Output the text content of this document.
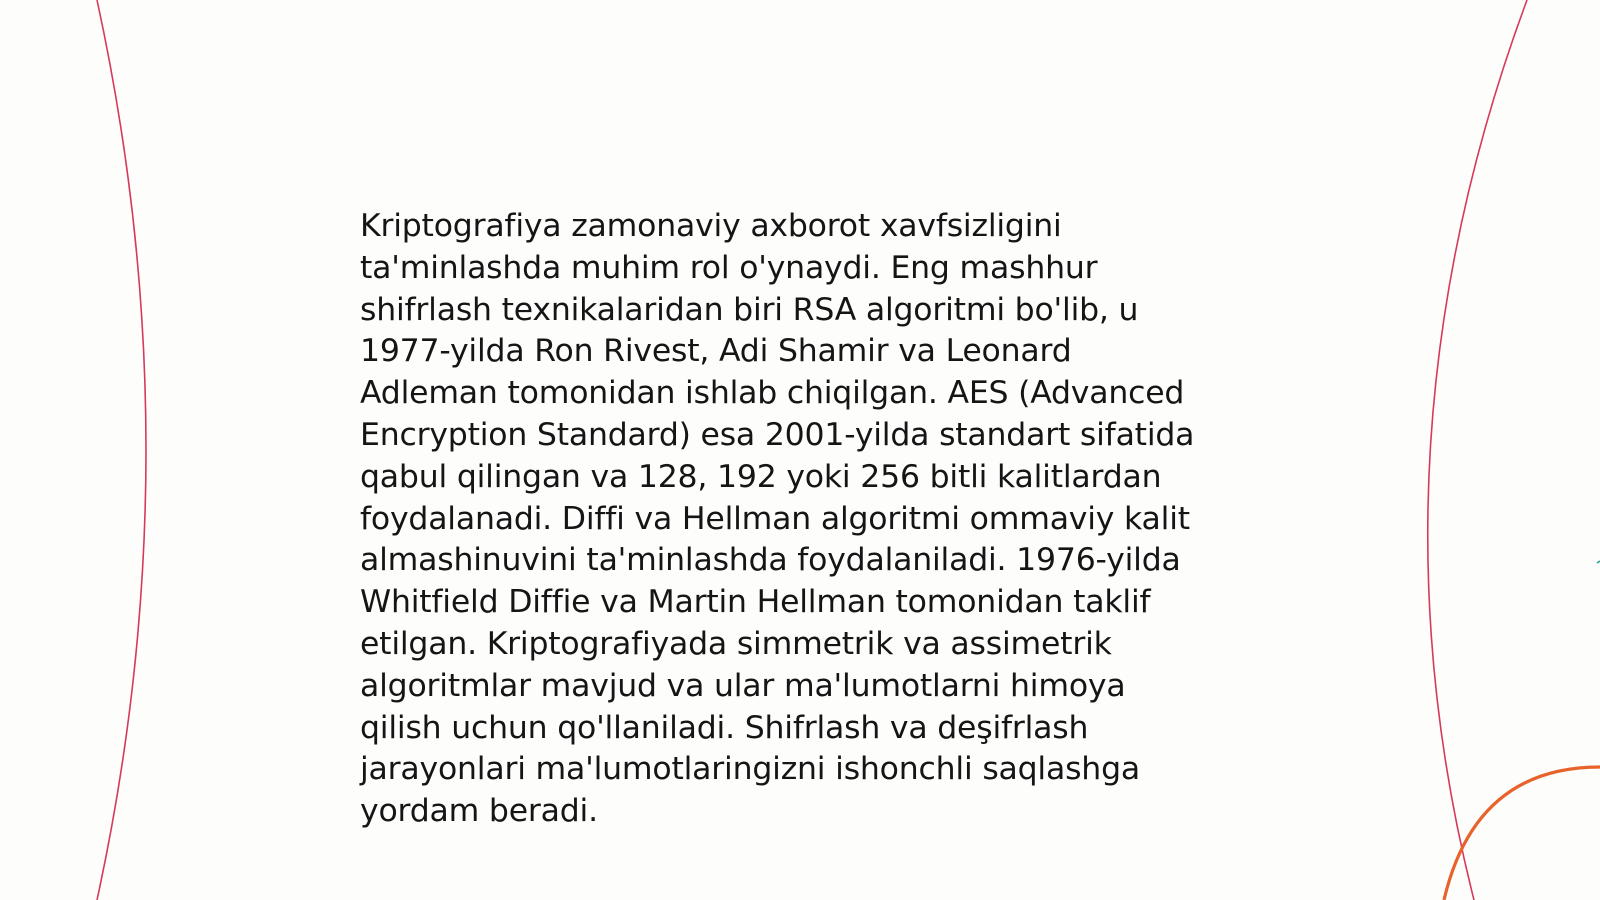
Kriptografiya zamonaviy axborot xavfsizligini
ta'minlashda muhim rol o'ynaydi. Eng mashhur
shifrlash texnikalaridan biri RSA algoritmi bo'lib, u
1977-yilda Ron Rivest, Adi Shamir va Leonard
Adleman tomonidan ishlab chiqilgan. AES (Advanced
Encryption Standard) esa 2001-yilda standart sifatida
qabul qilingan va 128, 192 yoki 256 bitli kalitlardan
foydalanadi. Diffi va Hellman algoritmi ommaviy kalit
almashinuvini ta'minlashda foydalaniladi. 1976-yilda
Whitfield Diffie va Martin Hellman tomonidan taklif
etilgan. Kriptografiyada simmetrik va assimetrik
algoritmlar mavjud va ular ma'lumotlarni himoya
qilish uchun qo'llaniladi. Shifrlash va deşifrlash
jarayonlari ma'lumotlaringizni ishonchli saqlashga
yordam beradi.
